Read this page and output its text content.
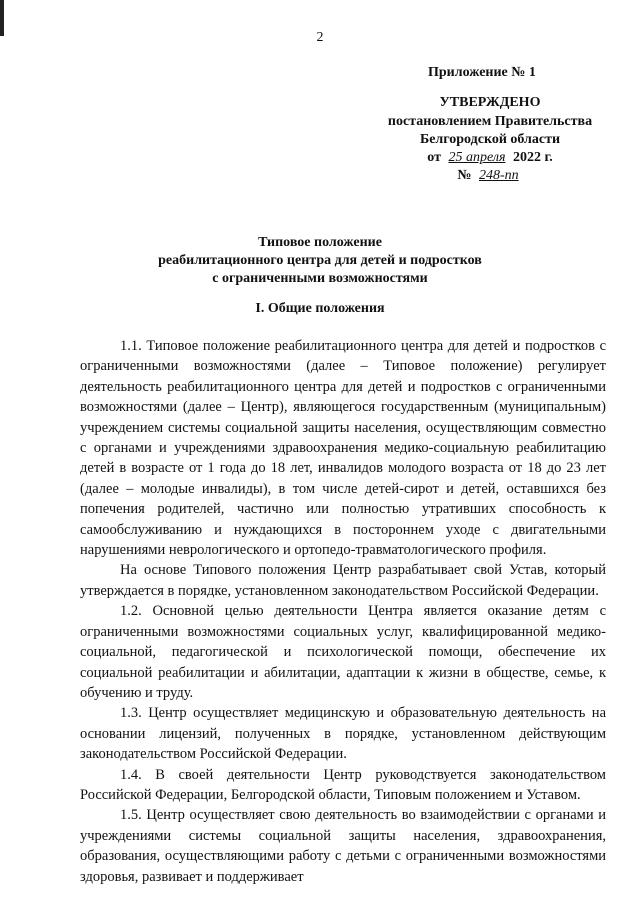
2
Приложение № 1
УТВЕРЖДЕНО
постановлением Правительства
Белгородской области
от 25 апреля 2022 г.
№ 248-пп
Типовое положение
реабилитационного центра для детей и подростков
с ограниченными возможностями
I. Общие положения

1.1. Типовое положение реабилитационного центра для детей и подростков с ограниченными возможностями (далее – Типовое положение) регулирует деятельность реабилитационного центра для детей и подростков с ограниченными возможностями (далее – Центр), являющегося государственным (муниципальным) учреждением системы социальной защиты населения, осуществляющим совместно с органами и учреждениями здравоохранения медико-социальную реабилитацию детей в возрасте от 1 года до 18 лет, инвалидов молодого возраста от 18 до 23 лет (далее – молодые инвалиды), в том числе детей-сирот и детей, оставшихся без попечения родителей, частично или полностью утративших способность к самообслуживанию и нуждающихся в постороннем уходе с двигательными нарушениями неврологического и ортопедо-травматологического профиля.

На основе Типового положения Центр разрабатывает свой Устав, который утверждается в порядке, установленном законодательством Российской Федерации.

1.2. Основной целью деятельности Центра является оказание детям с ограниченными возможностями социальных услуг, квалифицированной медико-социальной, педагогической и психологической помощи, обеспечение их социальной реабилитации и абилитации, адаптации к жизни в обществе, семье, к обучению и труду.

1.3. Центр осуществляет медицинскую и образовательную деятельность на основании лицензий, полученных в порядке, установленном действующим законодательством Российской Федерации.

1.4. В своей деятельности Центр руководствуется законодательством Российской Федерации, Белгородской области, Типовым положением и Уставом.

1.5. Центр осуществляет свою деятельность во взаимодействии с органами и учреждениями системы социальной защиты населения, здравоохранения, образования, осуществляющими работу с детьми с ограниченными возможностями здоровья, развивает и поддерживает
